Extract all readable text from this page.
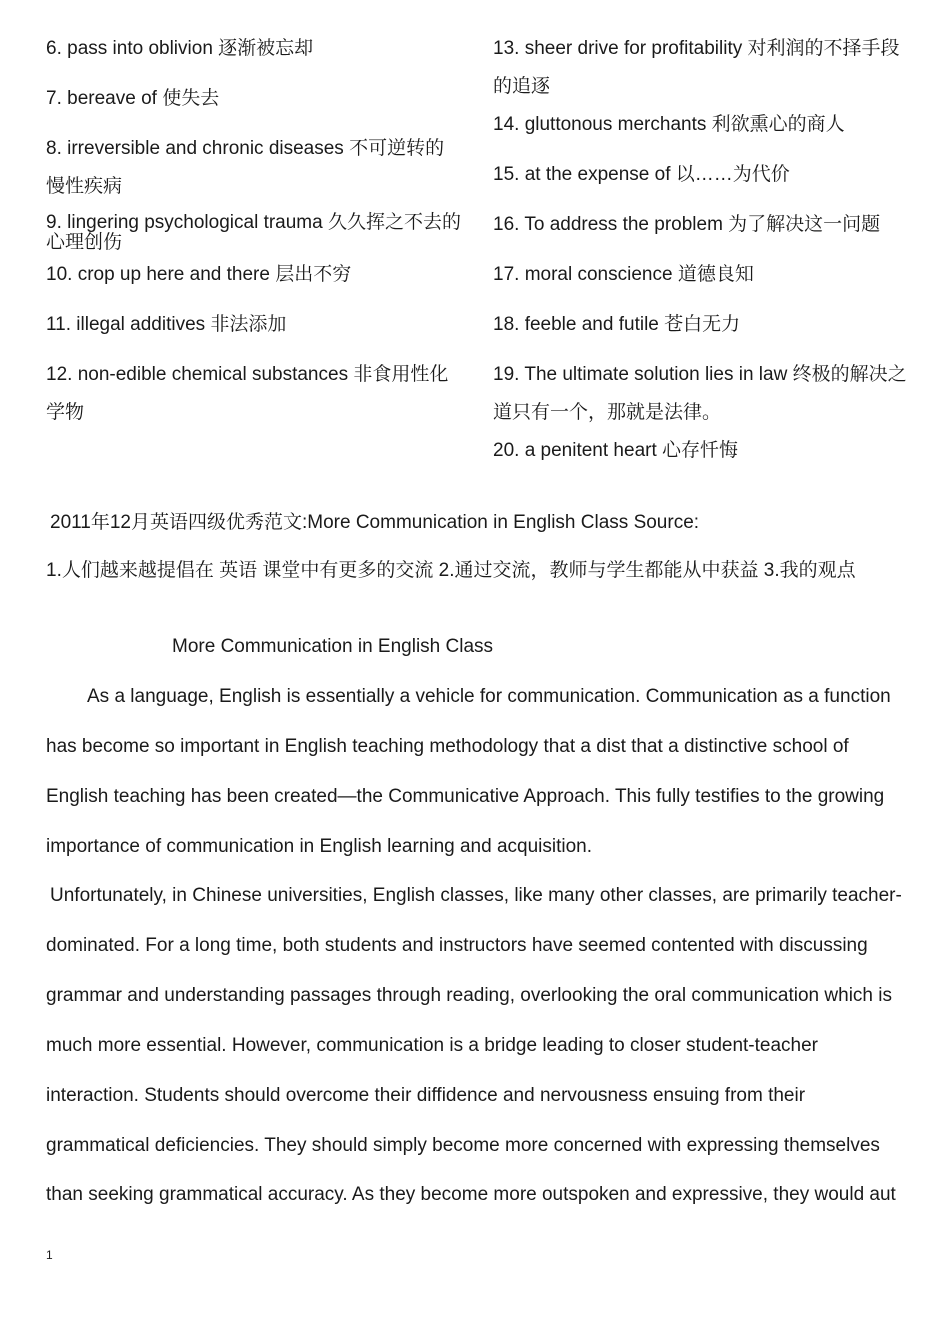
6. pass into oblivion 逐渐被忘却

7. bereave of 使失去

8. irreversible and chronic diseases 不可逆转的慢性疾病

9. lingering psychological trauma 久久挥之不去的

心理创伤

10. crop up here and there 层出不穷

11. illegal additives 非法添加

12. non-edible chemical substances 非食用性化学物

13. sheer drive for profitability 对利润的不择手段的追逐

14. gluttonous merchants 利欲熏心的商人

15. at the expense of 以……为代价

16. To address the problem 为了解决这一问题

17. moral conscience 道德良知

18. feeble and futile 苍白无力

19. The ultimate solution lies in law 终极的解决之道只有一个，那就是法律。

20. a penitent heart 心存忏悔

2011年12月英语四级优秀范文:More Communication in English Class Source:
1.人们越来越提倡在 英语 课堂中有更多的交流 2.通过交流，教师与学生都能从中获益 3.我的观点
More Communication in English Class
As a language, English is essentially a vehicle for communication. Communication as a function
has become so important in English teaching methodology that a dist that a distinctive school of
English teaching has been created—the Communicative Approach. This fully testifies to the growing
importance of communication in English learning and acquisition.
Unfortunately, in Chinese universities, English classes, like many other classes, are primarily teacher-
dominated. For a long time, both students and instructors have seemed contented with discussing
grammar and understanding passages through reading, overlooking the oral communication which is
much more essential. However, communication is a bridge leading to closer student-teacher
interaction. Students should overcome their diffidence and nervousness ensuing from their
grammatical deficiencies. They should simply become more concerned with expressing themselves
than seeking grammatical accuracy. As they become more outspoken and expressive, they would aut
1
